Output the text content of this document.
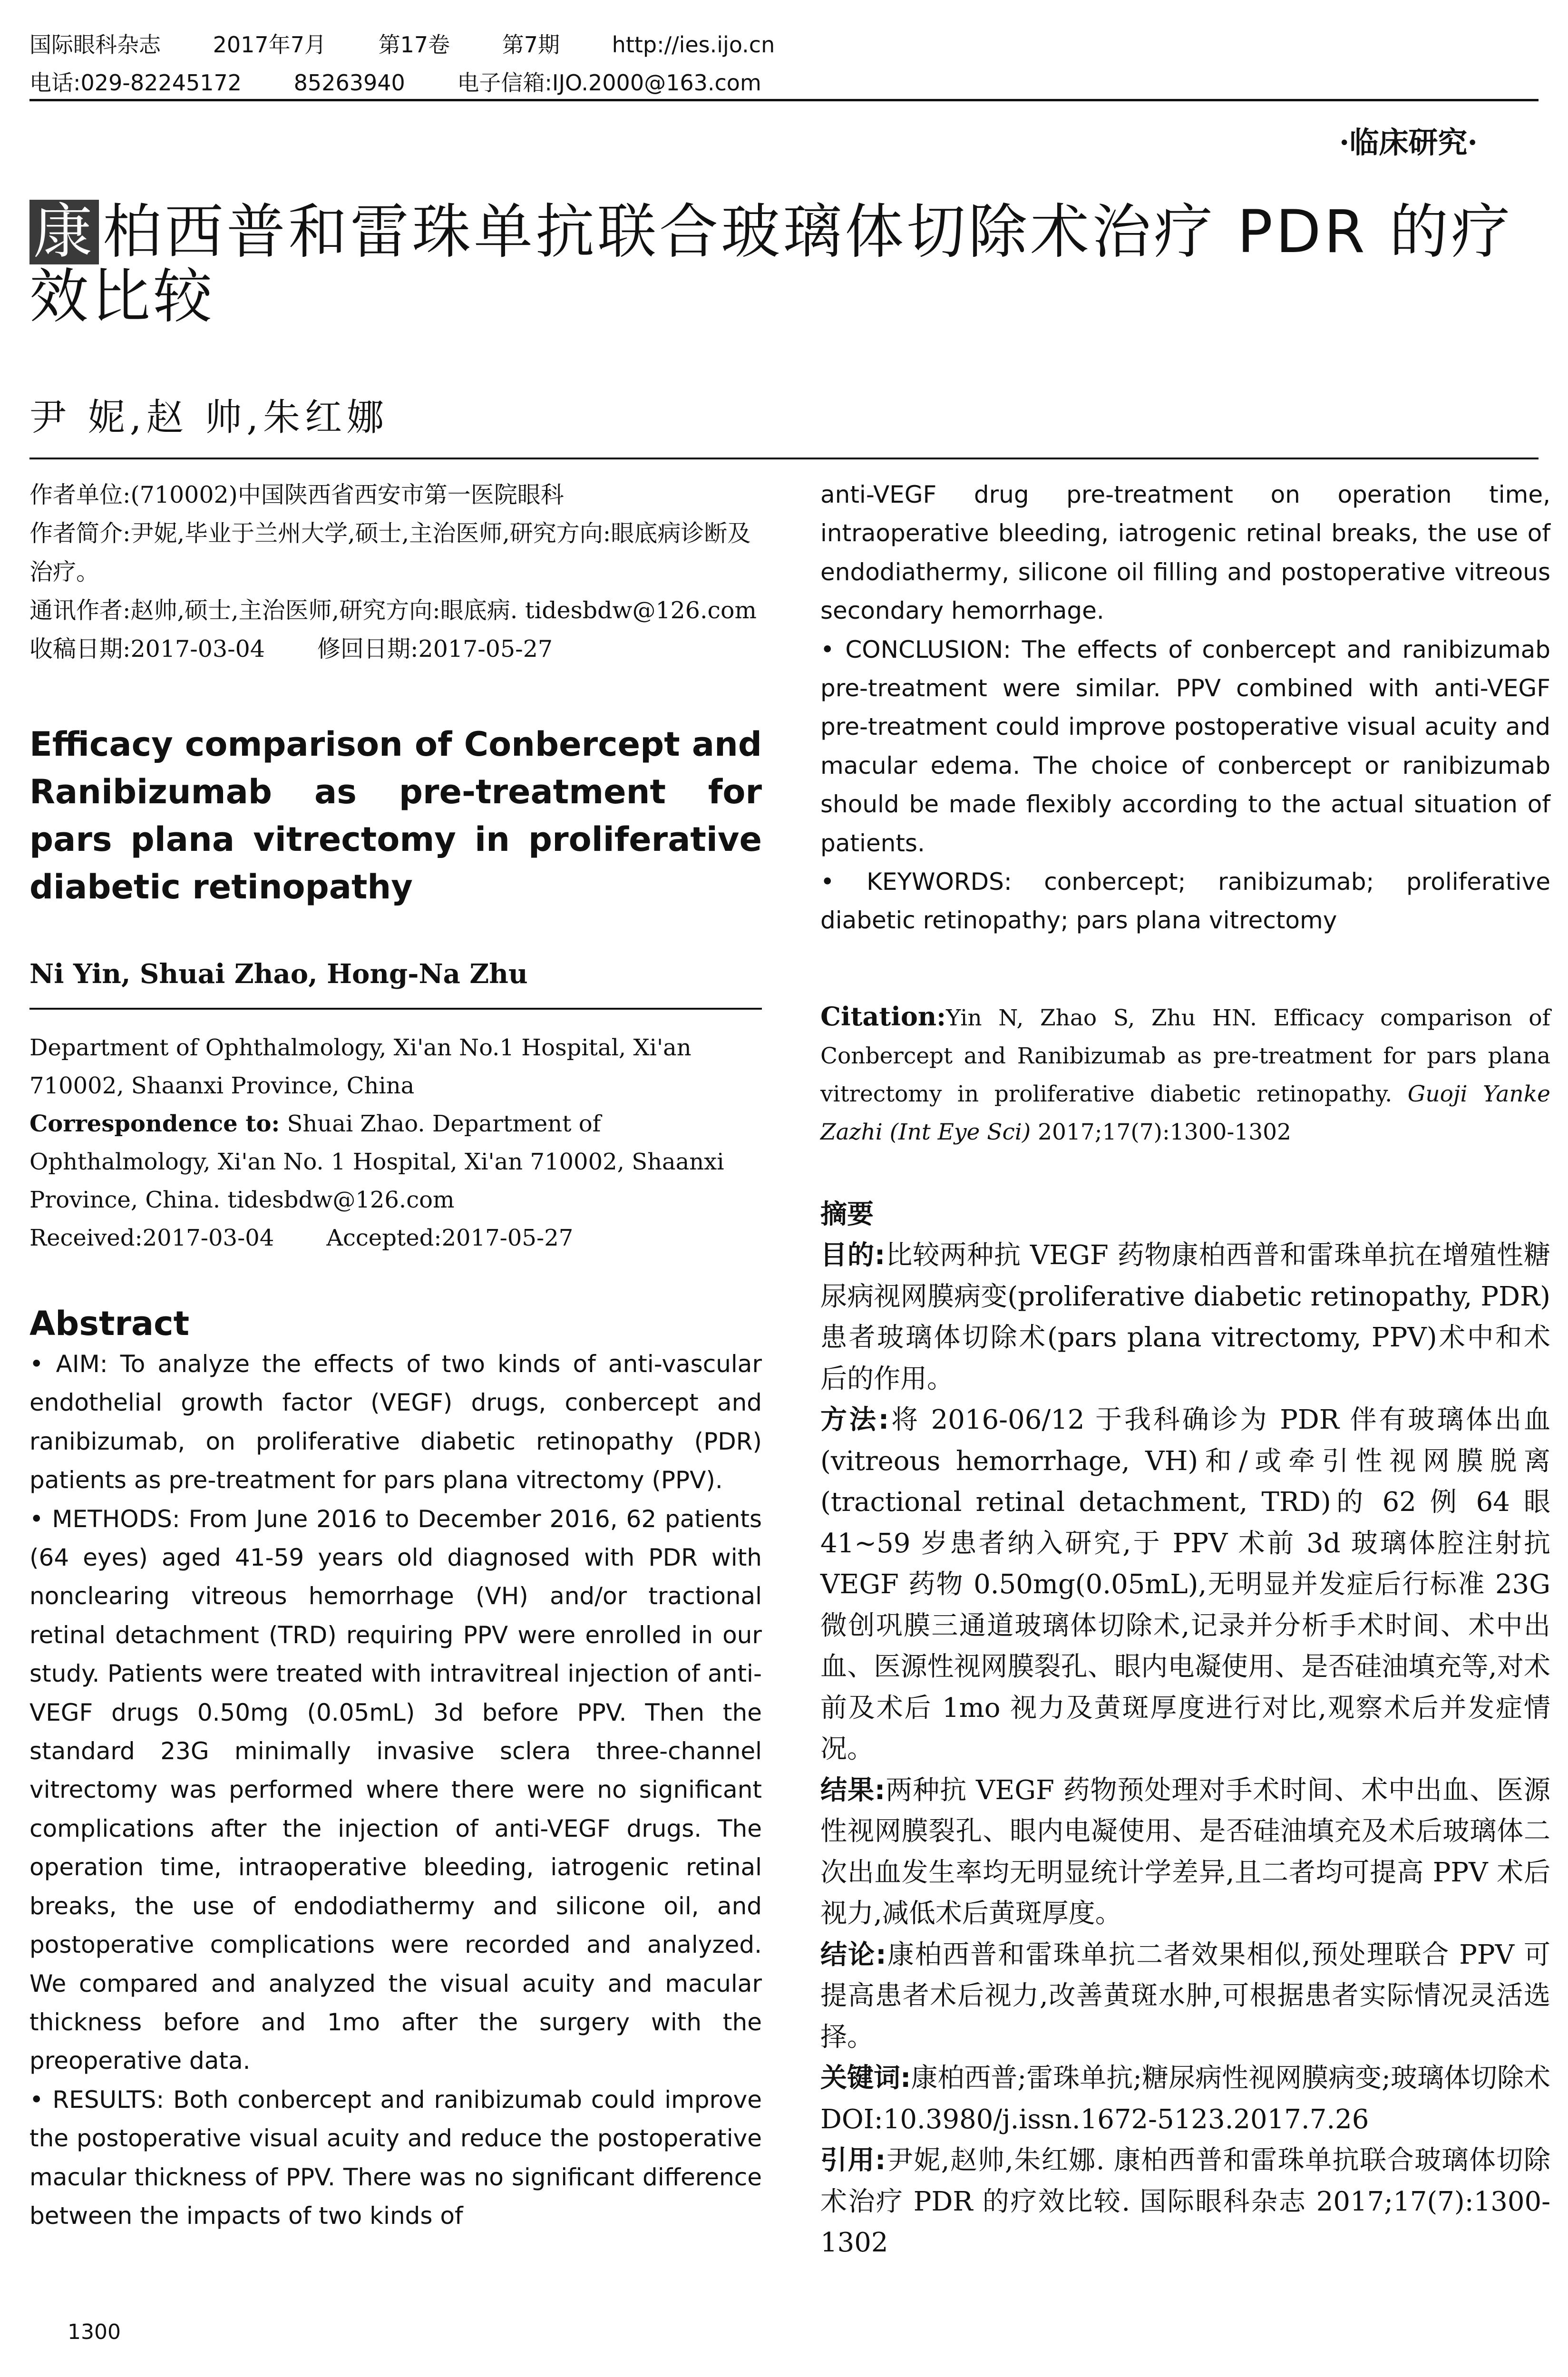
国际眼科杂志 2017年7月 第17卷 第7期 http://ies.ijo.cn
电话:029-82245172 85263940 电子信箱:IJO.2000@163.com
·临床研究·
康 柏西普和雷珠单抗联合玻璃体切除术治疗 PDR 的疗效比较
尹 妮,赵 帅,朱红娜

作者单位:(710002)中国陕西省西安市第一医院眼科

作者简介:尹妮,毕业于兰州大学,硕士,主治医师,研究方向:眼底病诊断及治疗。

通讯作者:赵帅,硕士,主治医师,研究方向:眼底病. tidesbdw@126.com

收稿日期:2017-03-04 修回日期:2017-05-27

Efficacy comparison of Conbercept and Ranibizumab as pre-treatment for pars plana vitrectomy in proliferative diabetic retinopathy
Ni Yin, Shuai Zhao, Hong-Na Zhu

Department of Ophthalmology, Xi'an No.1 Hospital, Xi'an 710002, Shaanxi Province, China

Correspondence to: Shuai Zhao. Department of Ophthalmology, Xi'an No. 1 Hospital, Xi'an 710002, Shaanxi Province, China. tidesbdw@126.com

Received:2017-03-04 Accepted:2017-05-27

Abstract

• AIM: To analyze the effects of two kinds of anti-vascular endothelial growth factor (VEGF) drugs, conbercept and ranibizumab, on proliferative diabetic retinopathy (PDR) patients as pre-treatment for pars plana vitrectomy (PPV).

• METHODS: From June 2016 to December 2016, 62 patients (64 eyes) aged 41-59 years old diagnosed with PDR with nonclearing vitreous hemorrhage (VH) and/or tractional retinal detachment (TRD) requiring PPV were enrolled in our study. Patients were treated with intravitreal injection of anti-VEGF drugs 0.50mg (0.05mL) 3d before PPV. Then the standard 23G minimally invasive sclera three-channel vitrectomy was performed where there were no significant complications after the injection of anti-VEGF drugs. The operation time, intraoperative bleeding, iatrogenic retinal breaks, the use of endodiathermy and silicone oil, and postoperative complications were recorded and analyzed. We compared and analyzed the visual acuity and macular thickness before and 1mo after the surgery with the preoperative data.

• RESULTS: Both conbercept and ranibizumab could improve the postoperative visual acuity and reduce the postoperative macular thickness of PPV. There was no significant difference between the impacts of two kinds of

anti-VEGF drug pre-treatment on operation time, intraoperative bleeding, iatrogenic retinal breaks, the use of endodiathermy, silicone oil filling and postoperative vitreous secondary hemorrhage.

• CONCLUSION: The effects of conbercept and ranibizumab pre-treatment were similar. PPV combined with anti-VEGF pre-treatment could improve postoperative visual acuity and macular edema. The choice of conbercept or ranibizumab should be made flexibly according to the actual situation of patients.

• KEYWORDS: conbercept; ranibizumab; proliferative diabetic retinopathy; pars plana vitrectomy

Citation:Yin N, Zhao S, Zhu HN. Efficacy comparison of Conbercept and Ranibizumab as pre-treatment for pars plana vitrectomy in proliferative diabetic retinopathy. Guoji Yanke Zazhi (Int Eye Sci) 2017;17(7):1300-1302

摘要

目的:比较两种抗 VEGF 药物康柏西普和雷珠单抗在增殖性糖尿病视网膜病变(proliferative diabetic retinopathy, PDR)患者玻璃体切除术(pars plana vitrectomy, PPV)术中和术后的作用。

方法:将 2016-06/12 于我科确诊为 PDR 伴有玻璃体出血(vitreous hemorrhage, VH)和/或牵引性视网膜脱离(tractional retinal detachment, TRD)的 62 例 64 眼 41~59 岁患者纳入研究,于 PPV 术前 3d 玻璃体腔注射抗 VEGF 药物 0.50mg(0.05mL),无明显并发症后行标准 23G 微创巩膜三通道玻璃体切除术,记录并分析手术时间、术中出血、医源性视网膜裂孔、眼内电凝使用、是否硅油填充等,对术前及术后 1mo 视力及黄斑厚度进行对比,观察术后并发症情况。

结果:两种抗 VEGF 药物预处理对手术时间、术中出血、医源性视网膜裂孔、眼内电凝使用、是否硅油填充及术后玻璃体二次出血发生率均无明显统计学差异,且二者均可提高 PPV 术后视力,减低术后黄斑厚度。

结论:康柏西普和雷珠单抗二者效果相似,预处理联合 PPV 可提高患者术后视力,改善黄斑水肿,可根据患者实际情况灵活选择。

关键词:康柏西普;雷珠单抗;糖尿病性视网膜病变;玻璃体切除术

DOI:10.3980/j.issn.1672-5123.2017.7.26

引用:尹妮,赵帅,朱红娜. 康柏西普和雷珠单抗联合玻璃体切除术治疗 PDR 的疗效比较. 国际眼科杂志 2017;17(7):1300-1302

1300
